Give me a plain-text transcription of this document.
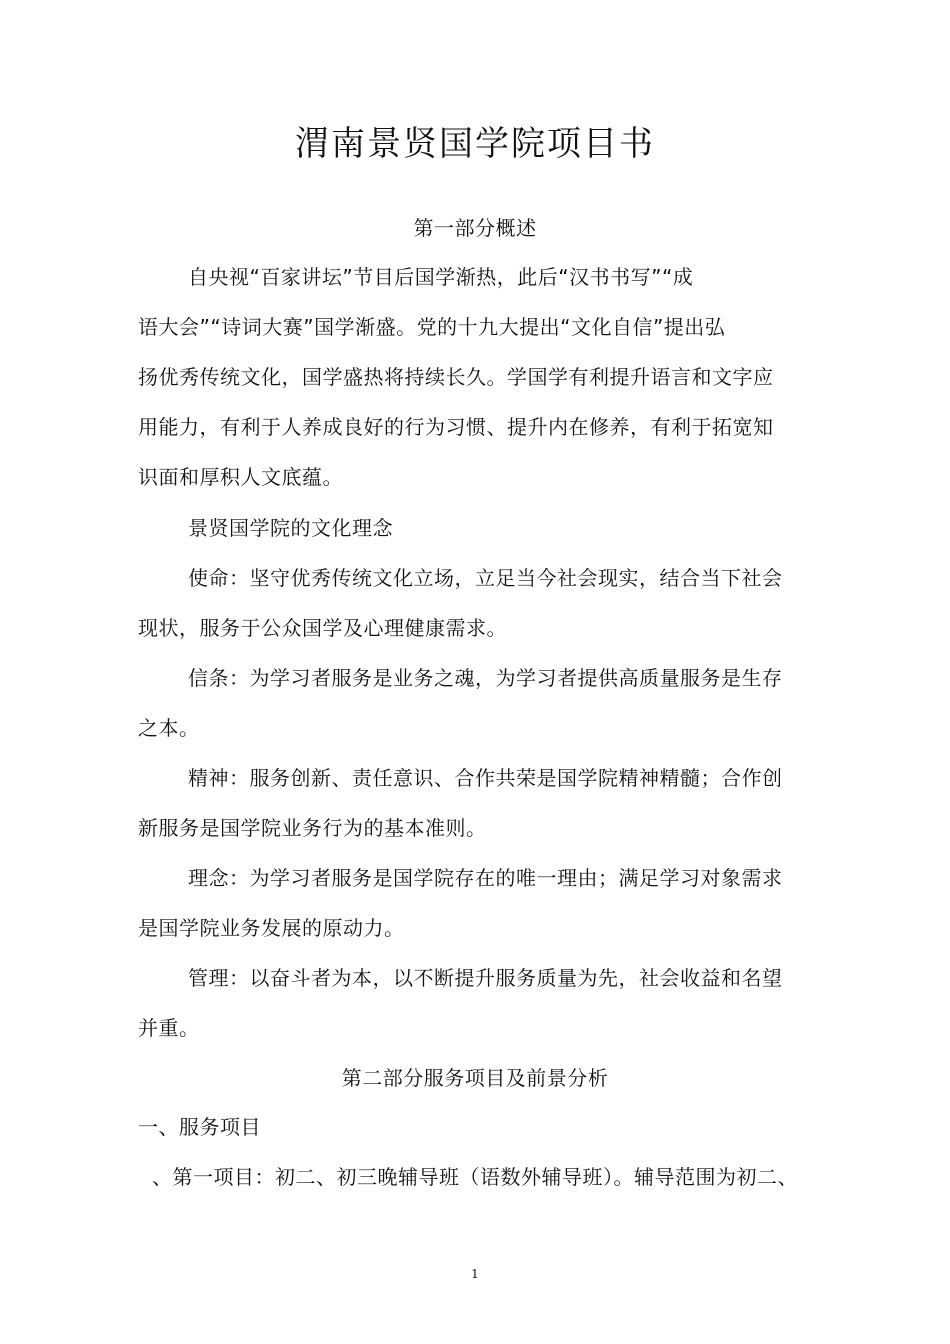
渭南景贤国学院项目书
第一部分概述
自央视“百家讲坛”节目后国学渐热，此后“汉书书写”“成
语大会”“诗词大赛”国学渐盛。党的十九大提出“文化自信”提出弘
扬优秀传统文化，国学盛热将持续长久。学国学有利提升语言和文字应
用能力，有利于人养成良好的行为习惯、提升内在修养，有利于拓宽知
识面和厚积人文底蕴。
景贤国学院的文化理念
使命：坚守优秀传统文化立场，立足当今社会现实，结合当下社会
现状，服务于公众国学及心理健康需求。
信条：为学习者服务是业务之魂，为学习者提供高质量服务是生存
之本。
精神：服务创新、责任意识、合作共荣是国学院精神精髓；合作创
新服务是国学院业务行为的基本准则。
理念：为学习者服务是国学院存在的唯一理由；满足学习对象需求
是国学院业务发展的原动力。
管理：以奋斗者为本，以不断提升服务质量为先，社会收益和名望
并重。
第二部分服务项目及前景分析
一、服务项目
、第一项目：初二、初三晚辅导班（语数外辅导班）。辅导范围为初二、
1
